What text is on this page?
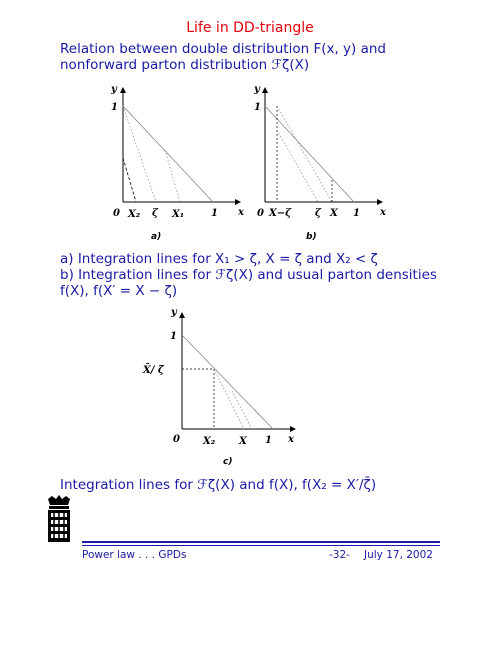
Life in DD-triangle
Relation between double distribution F(x, y) and
nonforward parton distribution ℱζ(X)
y
x
1
0 X₂ ζ X₁	1
a)
y
x
1
0 X−ζ ζ X 1
b)
a) Integration lines for X₁ > ζ, X = ζ and X₂ < ζ
b) Integration lines for ℱζ(X) and usual parton densities
f(X), f(X′ = X − ζ)
y
x
1
X̄/ ζ̄
0 X₂ X 1
c)
Integration lines for ℱζ(X) and f(X), f(X₂ = X′/ζ̄)
Power law . . . GPDs	-32- July 17, 2002
